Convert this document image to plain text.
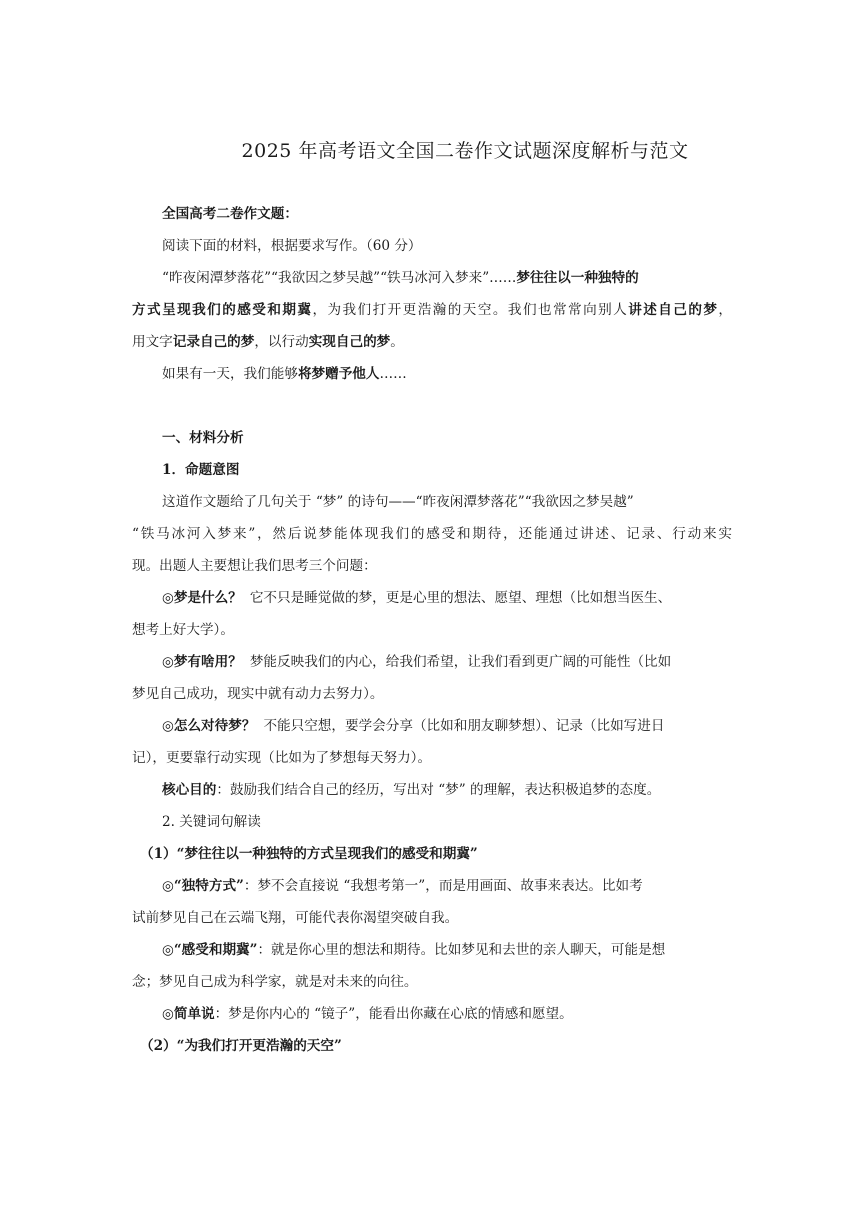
2025 年高考语文全国二卷作文试题深度解析与范文
全国高考二卷作文题：
阅读下面的材料，根据要求写作。（60 分）
“昨夜闲潭梦落花”“我欲因之梦吴越”“铁马冰河入梦来”……梦往往以一种独特的
方式呈现我们的感受和期冀，为我们打开更浩瀚的天空。我们也常常向别人讲述自己的梦，
用文字记录自己的梦，以行动实现自己的梦。
如果有一天，我们能够将梦赠予他人……
一、材料分析
1．命题意图
这道作文题给了几句关于 “梦” 的诗句——“昨夜闲潭梦落花”“我欲因之梦吴越”
“铁马冰河入梦来”，然后说梦能体现我们的感受和期待，还能通过讲述、记录、行动来实
现。出题人主要想让我们思考三个问题：
◎梦是什么？ 它不只是睡觉做的梦，更是心里的想法、愿望、理想（比如想当医生、
想考上好大学）。
◎梦有啥用？ 梦能反映我们的内心，给我们希望，让我们看到更广阔的可能性（比如
梦见自己成功，现实中就有动力去努力）。
◎怎么对待梦？ 不能只空想，要学会分享（比如和朋友聊梦想）、记录（比如写进日
记），更要靠行动实现（比如为了梦想每天努力）。
核心目的：鼓励我们结合自己的经历，写出对 “梦” 的理解，表达积极追梦的态度。
2. 关键词句解读
（1）“梦往往以一种独特的方式呈现我们的感受和期冀”
◎“独特方式”：梦不会直接说 “我想考第一”，而是用画面、故事来表达。比如考
试前梦见自己在云端飞翔，可能代表你渴望突破自我。
◎“感受和期冀”：就是你心里的想法和期待。比如梦见和去世的亲人聊天，可能是想
念；梦见自己成为科学家，就是对未来的向往。
◎简单说：梦是你内心的 “镜子”，能看出你藏在心底的情感和愿望。
（2）“为我们打开更浩瀚的天空”
